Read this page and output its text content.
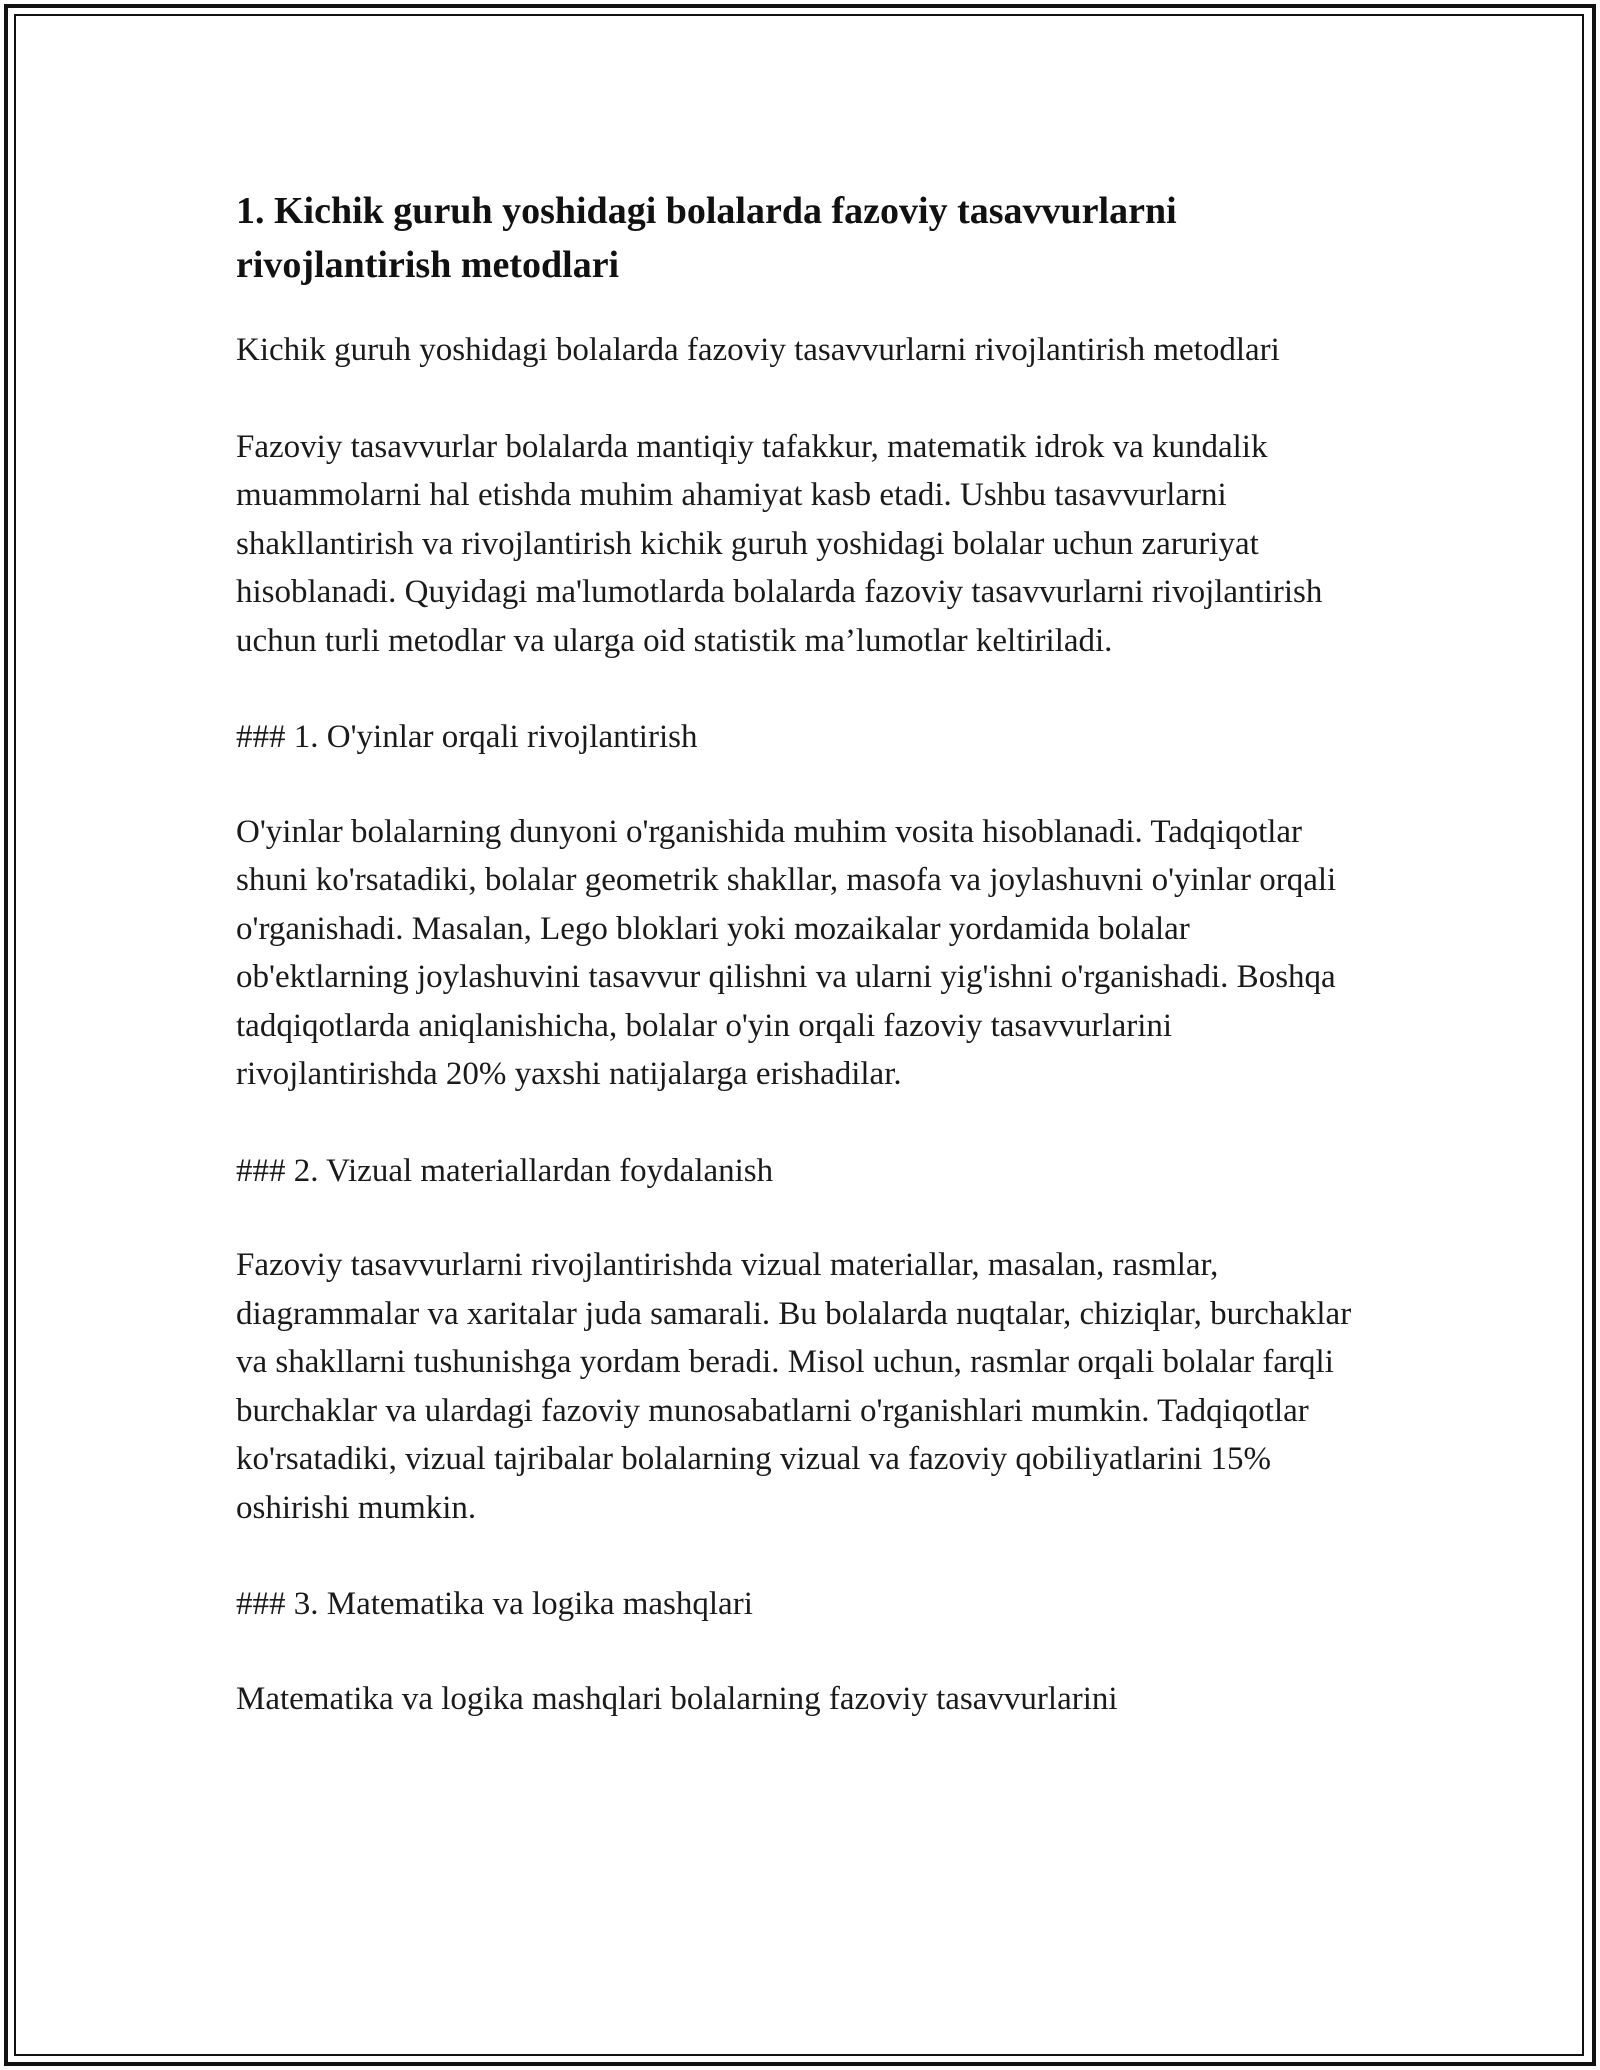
1. Kichik guruh yoshidagi bolalarda fazoviy tasavvurlarni rivojlantirish metodlari

Kichik guruh yoshidagi bolalarda fazoviy tasavvurlarni rivojlantirish metodlari

Fazoviy tasavvurlar bolalarda mantiqiy tafakkur, matematik idrok va kundalik muammolarni hal etishda muhim ahamiyat kasb etadi. Ushbu tasavvurlarni shakllantirish va rivojlantirish kichik guruh yoshidagi bolalar uchun zaruriyat hisoblanadi. Quyidagi ma'lumotlarda bolalarda fazoviy tasavvurlarni rivojlantirish uchun turli metodlar va ularga oid statistik ma’lumotlar keltiriladi.

### 1. O'yinlar orqali rivojlantirish

O'yinlar bolalarning dunyoni o'rganishida muhim vosita hisoblanadi. Tadqiqotlar shuni ko'rsatadiki, bolalar geometrik shakllar, masofa va joylashuvni o'yinlar orqali o'rganishadi. Masalan, Lego bloklari yoki mozaikalar yordamida bolalar ob'ektlarning joylashuvini tasavvur qilishni va ularni yig'ishni o'rganishadi. Boshqa tadqiqotlarda aniqlanishicha, bolalar o'yin orqali fazoviy tasavvurlarini rivojlantirishda 20% yaxshi natijalarga erishadilar.

### 2. Vizual materiallardan foydalanish

Fazoviy tasavvurlarni rivojlantirishda vizual materiallar, masalan, rasmlar, diagrammalar va xaritalar juda samarali. Bu bolalarda nuqtalar, chiziqlar, burchaklar va shakllarni tushunishga yordam beradi. Misol uchun, rasmlar orqali bolalar farqli burchaklar va ulardagi fazoviy munosabatlarni o'rganishlari mumkin. Tadqiqotlar ko'rsatadiki, vizual tajribalar bolalarning vizual va fazoviy qobiliyatlarini 15% oshirishi mumkin.

### 3. Matematika va logika mashqlari

Matematika va logika mashqlari bolalarning fazoviy tasavvurlarini
